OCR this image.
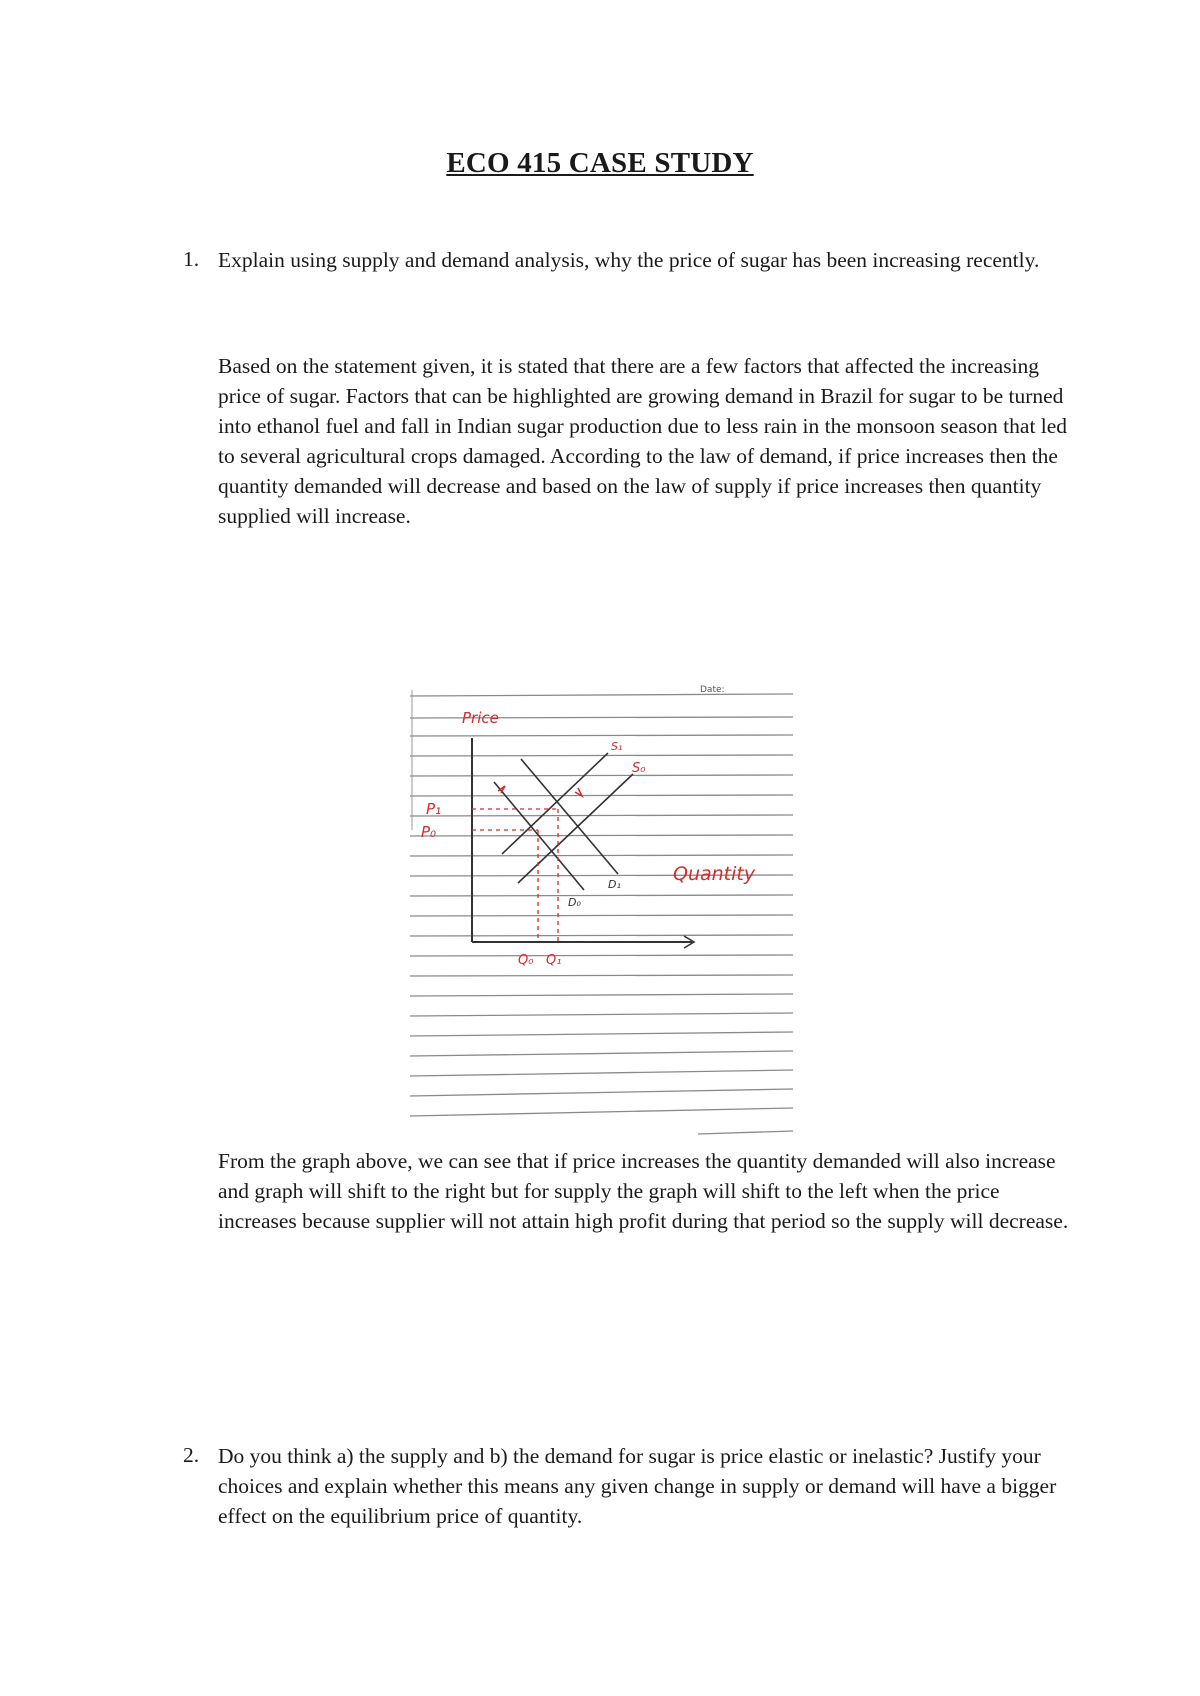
ECO 415 CASE STUDY
1. Explain using supply and demand analysis, why the price of sugar has been increasing recently.

Based on the statement given, it is stated that there are a few factors that affected the increasing price of sugar. Factors that can be highlighted are growing demand in Brazil for sugar to be turned into ethanol fuel and fall in Indian sugar production due to less rain in the monsoon season that led to several agricultural crops damaged. According to the law of demand, if price increases then the quantity demanded will decrease and based on the law of supply if price increases then quantity supplied will increase.

Date:
Price
Quantity
P₁
P₀
Q₀ Q₁
D₀
D₁
S₁
S₀

From the graph above, we can see that if price increases the quantity demanded will also increase and graph will shift to the right but for supply the graph will shift to the left when the price increases because supplier will not attain high profit during that period so the supply will decrease.

2. Do you think a) the supply and b) the demand for sugar is price elastic or inelastic? Justify your choices and explain whether this means any given change in supply or demand will have a bigger effect on the equilibrium price of quantity.
